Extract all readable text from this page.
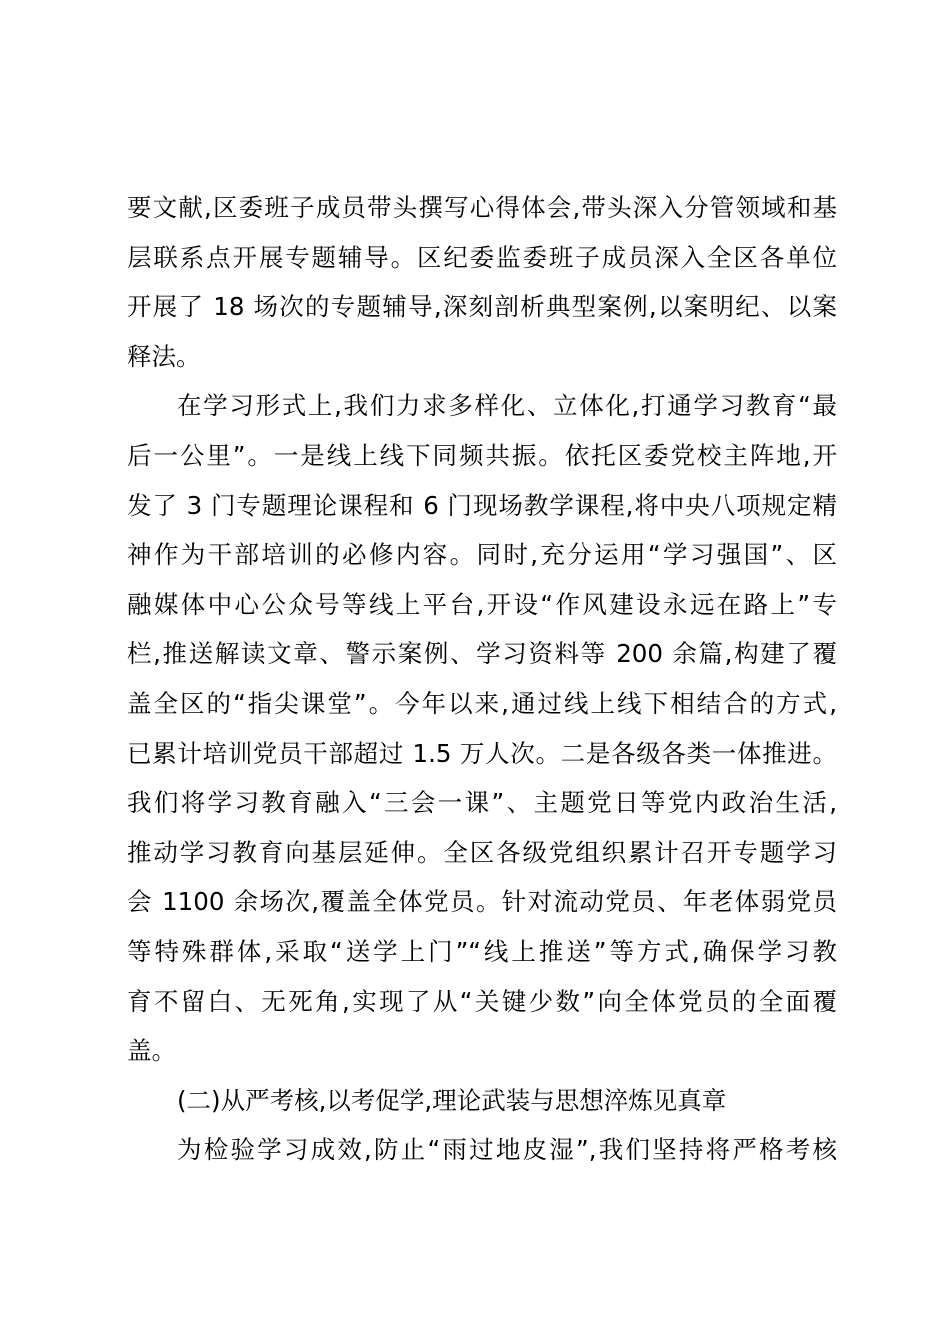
要文献,区委班子成员带头撰写心得体会,带头深入分管领域和基
层联系点开展专题辅导。区纪委监委班子成员深入全区各单位
开展了 18 场次的专题辅导,深刻剖析典型案例,以案明纪、以案
释法。
在学习形式上,我们力求多样化、立体化,打通学习教育“最
后一公里”。一是线上线下同频共振。依托区委党校主阵地,开
发了 3 门专题理论课程和 6 门现场教学课程,将中央八项规定精
神作为干部培训的必修内容。同时,充分运用“学习强国”、区
融媒体中心公众号等线上平台,开设“作风建设永远在路上”专
栏,推送解读文章、警示案例、学习资料等 200 余篇,构建了覆
盖全区的“指尖课堂”。今年以来,通过线上线下相结合的方式,
已累计培训党员干部超过 1.5 万人次。二是各级各类一体推进。
我们将学习教育融入“三会一课”、主题党日等党内政治生活,
推动学习教育向基层延伸。全区各级党组织累计召开专题学习
会 1100 余场次,覆盖全体党员。针对流动党员、年老体弱党员
等特殊群体,采取“送学上门”“线上推送”等方式,确保学习教
育不留白、无死角,实现了从“关键少数”向全体党员的全面覆
盖。
(二)从严考核,以考促学,理论武装与思想淬炼见真章
为检验学习成效,防止“雨过地皮湿”,我们坚持将严格考核
